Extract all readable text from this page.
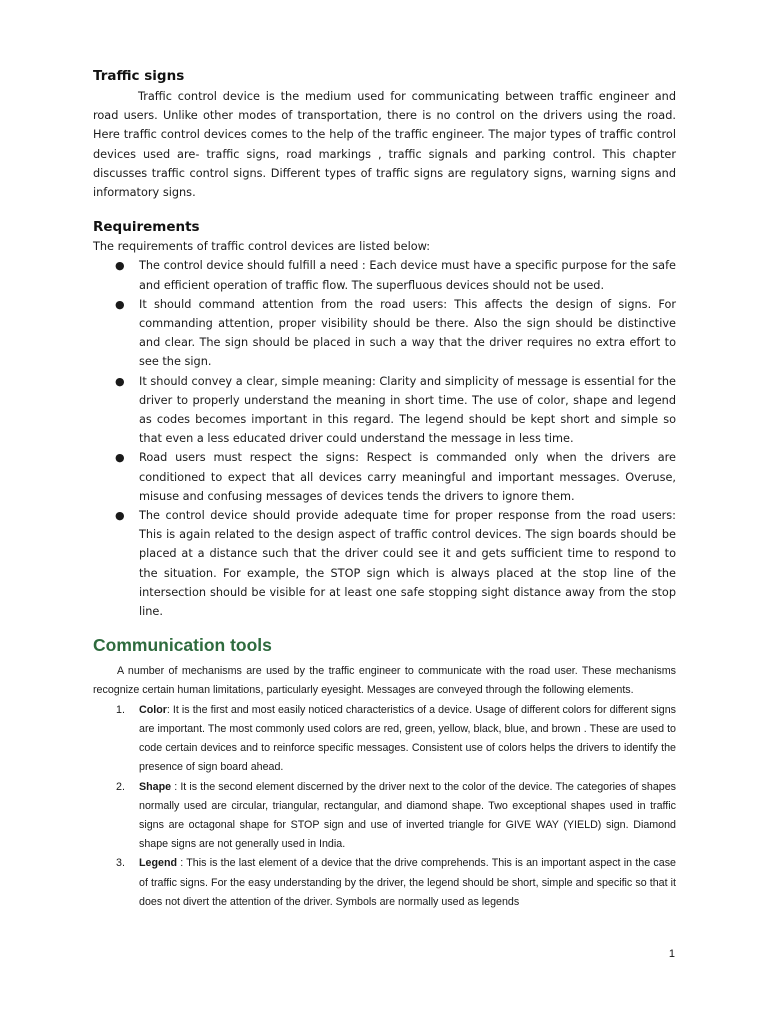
Traffic signs

Traffic control device is the medium used for communicating between traffic engineer and road users. Unlike other modes of transportation, there is no control on the drivers using the road. Here traffic control devices comes to the help of the traffic engineer. The major types of traffic control devices used are- traffic signs, road markings , traffic signals and parking control. This chapter discusses traffic control signs. Different types of traffic signs are regulatory signs, warning signs and informatory signs.

Requirements

The requirements of traffic control devices are listed below:

● The control device should fulfill a need : Each device must have a specific purpose for the safe and efficient operation of traffic flow. The superfluous devices should not be used.
● It should command attention from the road users: This affects the design of signs. For commanding attention, proper visibility should be there. Also the sign should be distinctive and clear. The sign should be placed in such a way that the driver requires no extra effort to see the sign.
● It should convey a clear, simple meaning: Clarity and simplicity of message is essential for the driver to properly understand the meaning in short time. The use of color, shape and legend as codes becomes important in this regard. The legend should be kept short and simple so that even a less educated driver could understand the message in less time.
● Road users must respect the signs: Respect is commanded only when the drivers are conditioned to expect that all devices carry meaningful and important messages. Overuse, misuse and confusing messages of devices tends the drivers to ignore them.
● The control device should provide adequate time for proper response from the road users: This is again related to the design aspect of traffic control devices. The sign boards should be placed at a distance such that the driver could see it and gets sufficient time to respond to the situation. For example, the STOP sign which is always placed at the stop line of the intersection should be visible for at least one safe stopping sight distance away from the stop line.
Communication tools

A number of mechanisms are used by the traffic engineer to communicate with the road user. These mechanisms recognize certain human limitations, particularly eyesight. Messages are conveyed through the following elements.

1. Color: It is the first and most easily noticed characteristics of a device. Usage of different colors for different signs are important. The most commonly used colors are red, green, yellow, black, blue, and brown . These are used to code certain devices and to reinforce specific messages. Consistent use of colors helps the drivers to identify the presence of sign board ahead.
2. Shape : It is the second element discerned by the driver next to the color of the device. The categories of shapes normally used are circular, triangular, rectangular, and diamond shape. Two exceptional shapes used in traffic signs are octagonal shape for STOP sign and use of inverted triangle for GIVE WAY (YIELD) sign. Diamond shape signs are not generally used in India.
3. Legend : This is the last element of a device that the drive comprehends. This is an important aspect in the case of traffic signs. For the easy understanding by the driver, the legend should be short, simple and specific so that it does not divert the attention of the driver. Symbols are normally used as legends
1
